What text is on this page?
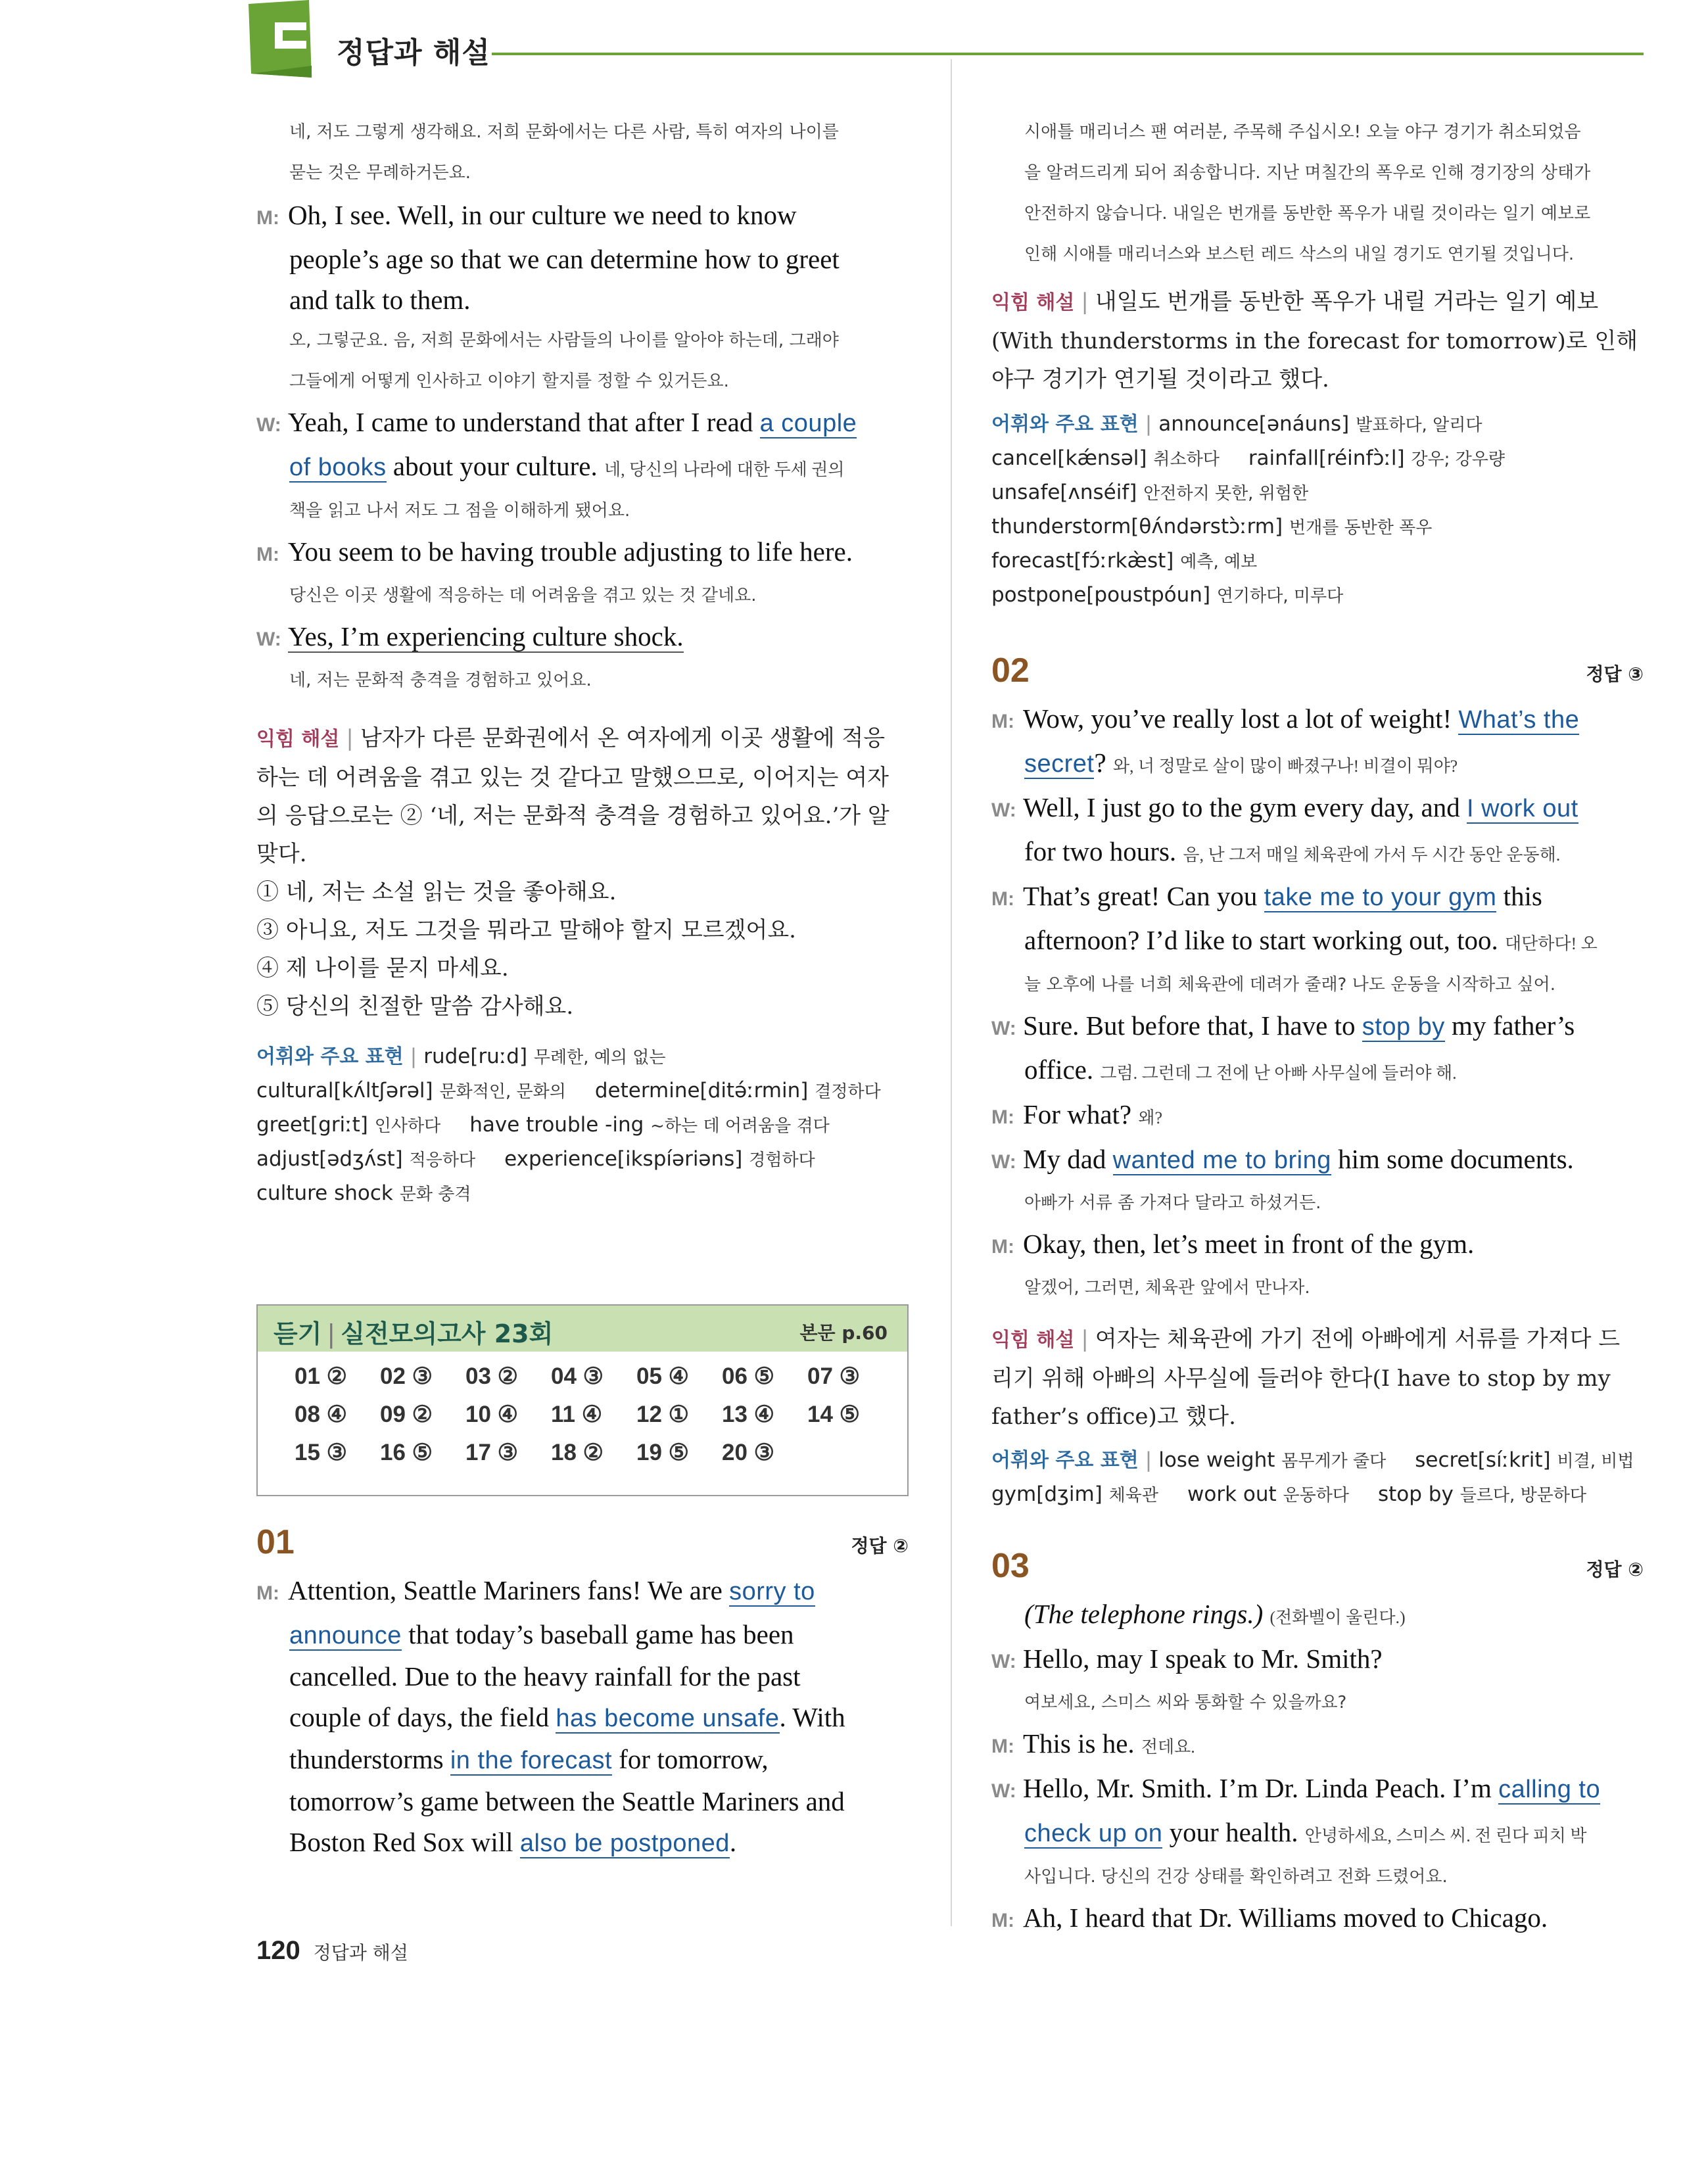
정답과 해설
네, 저도 그렇게 생각해요. 저희 문화에서는 다른 사람, 특히 여자의 나이를
묻는 것은 무례하거든요.
M: Oh, I see. Well, in our culture we need to know
people’s age so that we can determine how to greet
and talk to them.
오, 그렇군요. 음, 저희 문화에서는 사람들의 나이를 알아야 하는데, 그래야
그들에게 어떻게 인사하고 이야기 할지를 정할 수 있거든요.
W: Yeah, I came to understand that after I read a couple
of books about your culture. 네, 당신의 나라에 대한 두세 권의
책을 읽고 나서 저도 그 점을 이해하게 됐어요.
M: You seem to be having trouble adjusting to life here.
당신은 이곳 생활에 적응하는 데 어려움을 겪고 있는 것 같네요.
W: Yes, I’m experiencing culture shock.
네, 저는 문화적 충격을 경험하고 있어요.
익힘 해설 | 남자가 다른 문화권에서 온 여자에게 이곳 생활에 적응
하는 데 어려움을 겪고 있는 것 같다고 말했으므로, 이어지는 여자
의 응답으로는 ② ‘네, 저는 문화적 충격을 경험하고 있어요.’가 알
맞다.
① 네, 저는 소설 읽는 것을 좋아해요.
③ 아니요, 저도 그것을 뭐라고 말해야 할지 모르겠어요.
④ 제 나이를 묻지 마세요.
⑤ 당신의 친절한 말씀 감사해요.
어휘와 주요 표현 | rude[ruːd] 무례한, 예의 없는
cultural[kʌ́ltʃərəl] 문화적인, 문화의 determine[ditə́ːrmin] 결정하다
greet[griːt] 인사하다 have trouble -ing ~하는 데 어려움을 겪다
adjust[ədʒʌ́st] 적응하다 experience[ikspíəriəns] 경험하다
culture shock 문화 충격
듣기 | 실전모의고사 23회	본문 p.60
01 ②	02 ③	03 ②	04 ③	05 ④	06 ⑤	07 ③
08 ④	09 ②	10 ④	11 ④	12 ①	13 ④	14 ⑤
15 ③	16 ⑤	17 ③	18 ②	19 ⑤	20 ③
01	정답 ②
M: Attention, Seattle Mariners fans! We are sorry to
announce that today’s baseball game has been
cancelled. Due to the heavy rainfall for the past
couple of days, the field has become unsafe. With
thunderstorms in the forecast for tomorrow,
tomorrow’s game between the Seattle Mariners and
Boston Red Sox will also be postponed.
시애틀 매리너스 팬 여러분, 주목해 주십시오! 오늘 야구 경기가 취소되었음
을 알려드리게 되어 죄송합니다. 지난 며칠간의 폭우로 인해 경기장의 상태가
안전하지 않습니다. 내일은 번개를 동반한 폭우가 내릴 것이라는 일기 예보로
인해 시애틀 매리너스와 보스턴 레드 삭스의 내일 경기도 연기될 것입니다.
익힘 해설 | 내일도 번개를 동반한 폭우가 내릴 거라는 일기 예보
(With thunderstorms in the forecast for tomorrow)로 인해
야구 경기가 연기될 것이라고 했다.
어휘와 주요 표현 | announce[ənáuns] 발표하다, 알리다
cancel[kǽnsəl] 취소하다 rainfall[réinfɔ̀ːl] 강우; 강우량
unsafe[ʌnséif] 안전하지 못한, 위험한
thunderstorm[θʌ́ndərstɔ̀ːrm] 번개를 동반한 폭우
forecast[fɔ́ːrkæ̀st] 예측, 예보
postpone[poustpóun] 연기하다, 미루다
02	정답 ③
M: Wow, you’ve really lost a lot of weight! What’s the
secret? 와, 너 정말로 살이 많이 빠졌구나! 비결이 뭐야?
W: Well, I just go to the gym every day, and I work out
for two hours. 음, 난 그저 매일 체육관에 가서 두 시간 동안 운동해.
M: That’s great! Can you take me to your gym this
afternoon? I’d like to start working out, too. 대단하다! 오
늘 오후에 나를 너희 체육관에 데려가 줄래? 나도 운동을 시작하고 싶어.
W: Sure. But before that, I have to stop by my father’s
office. 그럼. 그런데 그 전에 난 아빠 사무실에 들러야 해.
M: For what? 왜?
W: My dad wanted me to bring him some documents.
아빠가 서류 좀 가져다 달라고 하셨거든.
M: Okay, then, let’s meet in front of the gym.
알겠어, 그러면, 체육관 앞에서 만나자.
익힘 해설 | 여자는 체육관에 가기 전에 아빠에게 서류를 가져다 드
리기 위해 아빠의 사무실에 들러야 한다(I have to stop by my
father’s office)고 했다.
어휘와 주요 표현 | lose weight 몸무게가 줄다 secret[síːkrit] 비결, 비법
gym[dʒim] 체육관 work out 운동하다 stop by 들르다, 방문하다
03	정답 ②
(The telephone rings.) (전화벨이 울린다.)
W: Hello, may I speak to Mr. Smith?
여보세요, 스미스 씨와 통화할 수 있을까요?
M: This is he. 전데요.
W: Hello, Mr. Smith. I’m Dr. Linda Peach. I’m calling to
check up on your health. 안녕하세요, 스미스 씨. 전 린다 피치 박
사입니다. 당신의 건강 상태를 확인하려고 전화 드렸어요.
M: Ah, I heard that Dr. Williams moved to Chicago.
120 정답과 해설
